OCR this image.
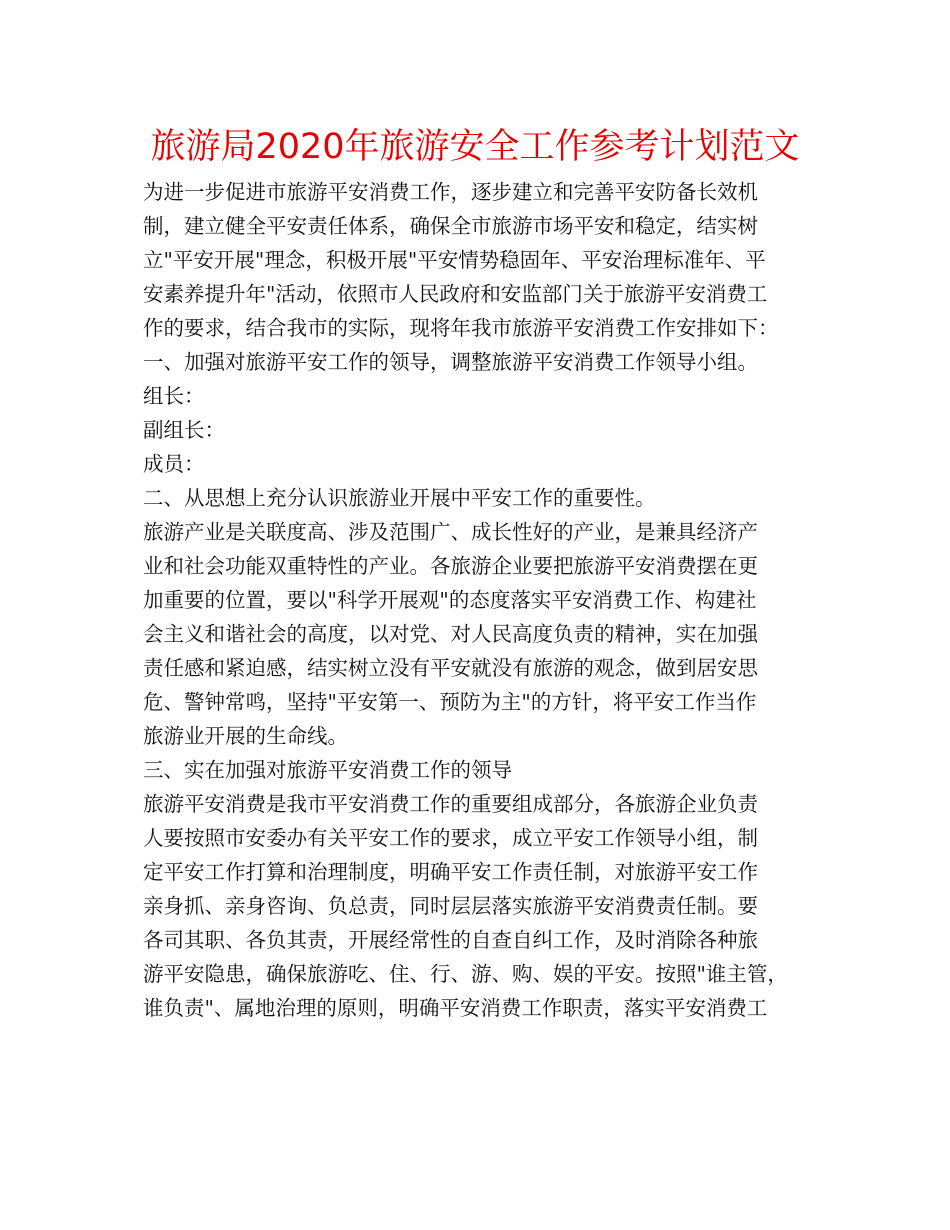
旅游局2020年旅游安全工作参考计划范文

为进一步促进市旅游平安消费工作，逐步建立和完善平安防备长效机

制，建立健全平安责任体系，确保全市旅游市场平安和稳定，结实树

立"平安开展"理念，积极开展"平安情势稳固年、平安治理标准年、平

安素养提升年"活动，依照市人民政府和安监部门关于旅游平安消费工

作的要求，结合我市的实际，现将年我市旅游平安消费工作安排如下：

一、加强对旅游平安工作的领导，调整旅游平安消费工作领导小组。

组长：

副组长：

成员：

二、从思想上充分认识旅游业开展中平安工作的重要性。

旅游产业是关联度高、涉及范围广、成长性好的产业，是兼具经济产

业和社会功能双重特性的产业。各旅游企业要把旅游平安消费摆在更

加重要的位置，要以"科学开展观"的态度落实平安消费工作、构建社

会主义和谐社会的高度，以对党、对人民高度负责的精神，实在加强

责任感和紧迫感，结实树立没有平安就没有旅游的观念，做到居安思

危、警钟常鸣，坚持"平安第一、预防为主"的方针，将平安工作当作

旅游业开展的生命线。

三、实在加强对旅游平安消费工作的领导

旅游平安消费是我市平安消费工作的重要组成部分，各旅游企业负责

人要按照市安委办有关平安工作的要求，成立平安工作领导小组，制

定平安工作打算和治理制度，明确平安工作责任制，对旅游平安工作

亲身抓、亲身咨询、负总责，同时层层落实旅游平安消费责任制。要

各司其职、各负其责，开展经常性的自查自纠工作，及时消除各种旅

游平安隐患，确保旅游吃、住、行、游、购、娱的平安。按照"谁主管，

谁负责"、属地治理的原则，明确平安消费工作职责，落实平安消费工
